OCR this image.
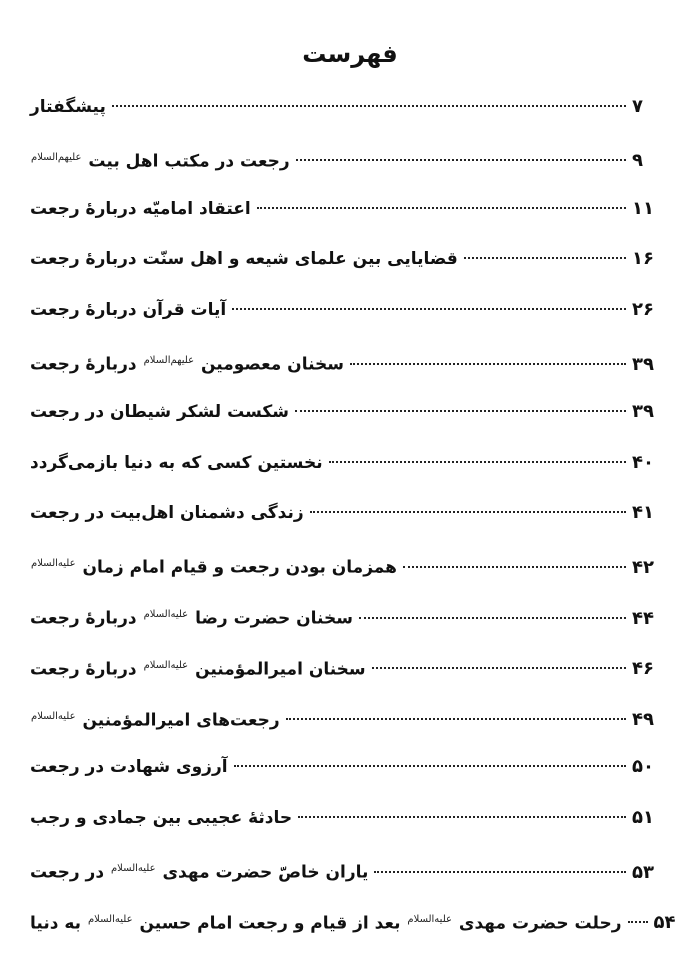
فهرست
پیشگفتار	۷
رجعت در مکتب اهل بیت $^{علیهم‌السلام}$	۹
اعتقاد امامیّه دربارهٔ رجعت	۱۱
قضایایی بین علمای شیعه و اهل سنّت دربارهٔ رجعت	۱۶
آیات قرآن دربارهٔ رجعت	۲۶
سخنان معصومین $^{علیهم‌السلام}$ دربارهٔ رجعت	۳۹
شکست لشکر شیطان در رجعت	۳۹
نخستین کسی که به دنیا بازمی‌گردد	۴۰
زندگی دشمنان اهل‌بیت در رجعت	۴۱
همزمان بودن رجعت و قیام امام زمان $^{علیه‌السلام}$	۴۲
سخنان حضرت رضا $^{علیه‌السلام}$ دربارهٔ رجعت	۴۴
سخنان امیرالمؤمنین $^{علیه‌السلام}$ دربارهٔ رجعت	۴۶
رجعت‌های امیرالمؤمنین $^{علیه‌السلام}$	۴۹
آرزوی شهادت در رجعت	۵۰
حادثهٔ عجیبی بین جمادی و رجب	۵۱
یاران خاصّ حضرت مهدی $^{علیه‌السلام}$ در رجعت	۵۳
رحلت حضرت مهدی $^{علیه‌السلام}$ بعد از قیام و رجعت امام حسین $^{علیه‌السلام}$ به دنیا	۵۴
